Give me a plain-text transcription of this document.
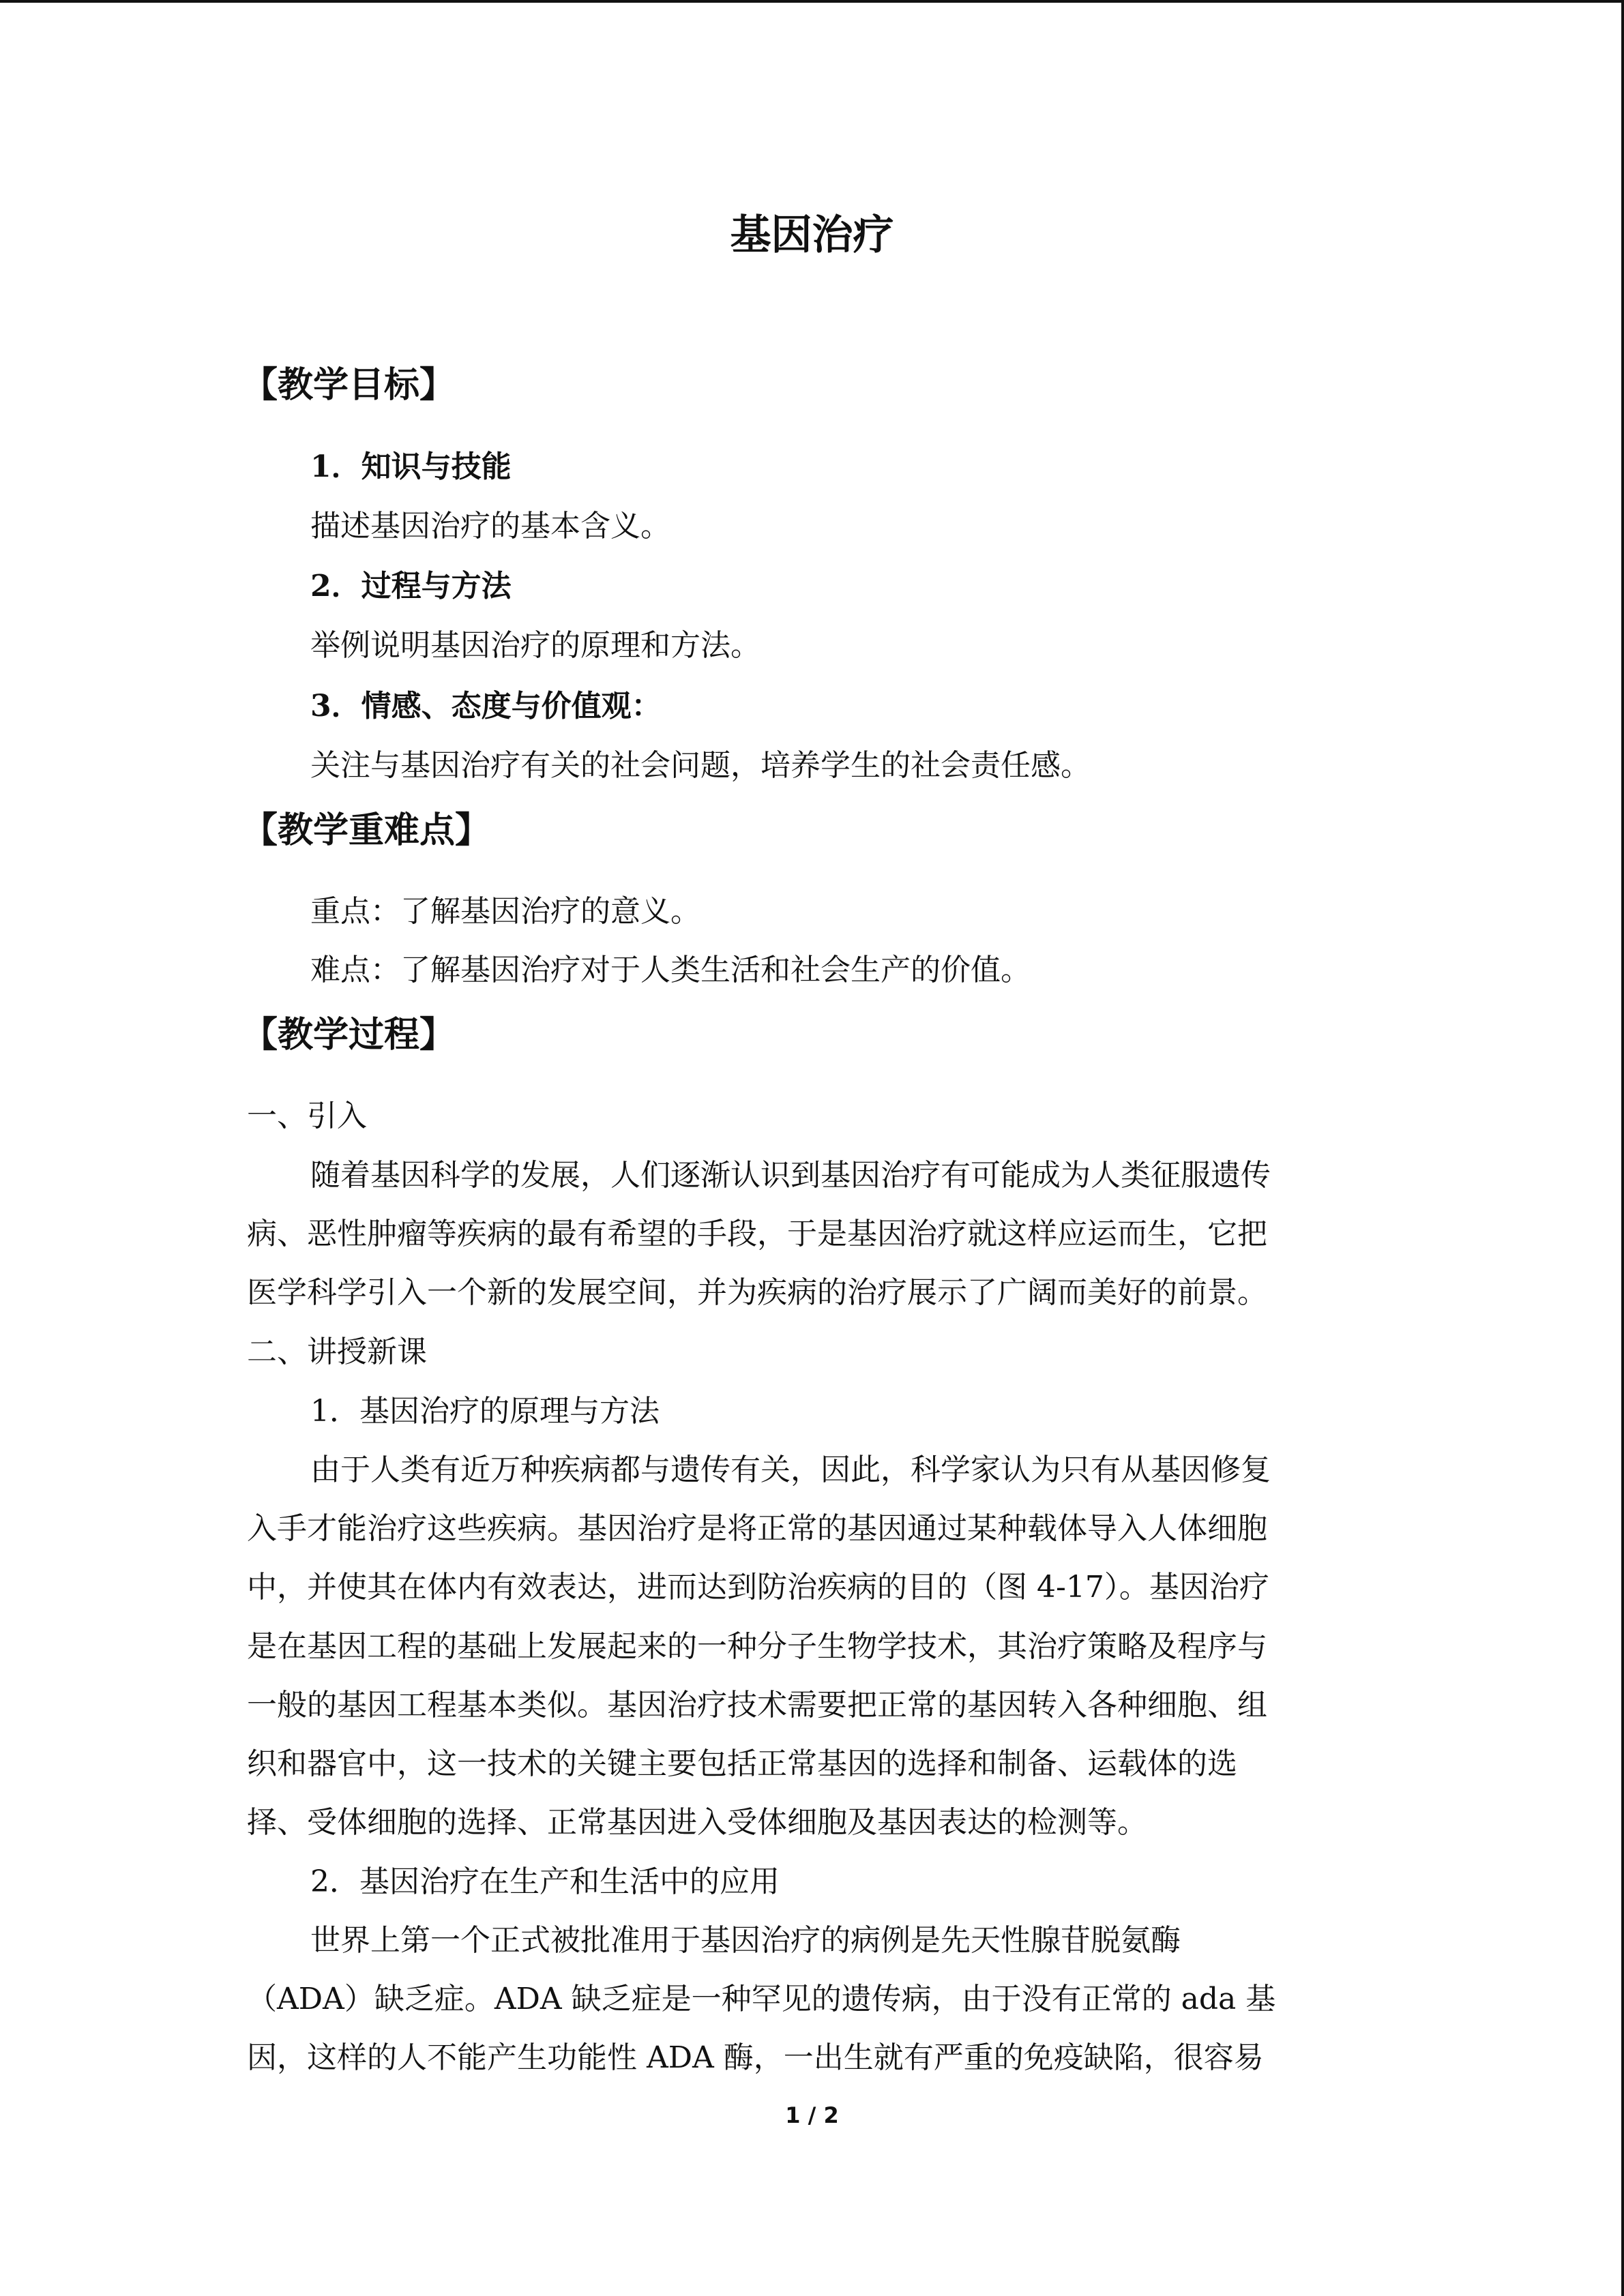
基因治疗
【教学目标】
1．知识与技能
描述基因治疗的基本含义。
2．过程与方法
举例说明基因治疗的原理和方法。
3．情感、态度与价值观：
关注与基因治疗有关的社会问题，培养学生的社会责任感。
【教学重难点】
重点：了解基因治疗的意义。
难点：了解基因治疗对于人类生活和社会生产的价值。
【教学过程】
一、引入
随着基因科学的发展，人们逐渐认识到基因治疗有可能成为人类征服遗传
病、恶性肿瘤等疾病的最有希望的手段，于是基因治疗就这样应运而生，它把
医学科学引入一个新的发展空间，并为疾病的治疗展示了广阔而美好的前景。
二、讲授新课
1．基因治疗的原理与方法
由于人类有近万种疾病都与遗传有关，因此，科学家认为只有从基因修复
入手才能治疗这些疾病。基因治疗是将正常的基因通过某种载体导入人体细胞
中，并使其在体内有效表达，进而达到防治疾病的目的（图 4-17）。基因治疗
是在基因工程的基础上发展起来的一种分子生物学技术，其治疗策略及程序与
一般的基因工程基本类似。基因治疗技术需要把正常的基因转入各种细胞、组
织和器官中，这一技术的关键主要包括正常基因的选择和制备、运载体的选
择、受体细胞的选择、正常基因进入受体细胞及基因表达的检测等。
2．基因治疗在生产和生活中的应用
世界上第一个正式被批准用于基因治疗的病例是先天性腺苷脱氨酶
（ADA）缺乏症。ADA 缺乏症是一种罕见的遗传病，由于没有正常的 ada 基
因，这样的人不能产生功能性 ADA 酶，一出生就有严重的免疫缺陷，很容易
1 / 2
